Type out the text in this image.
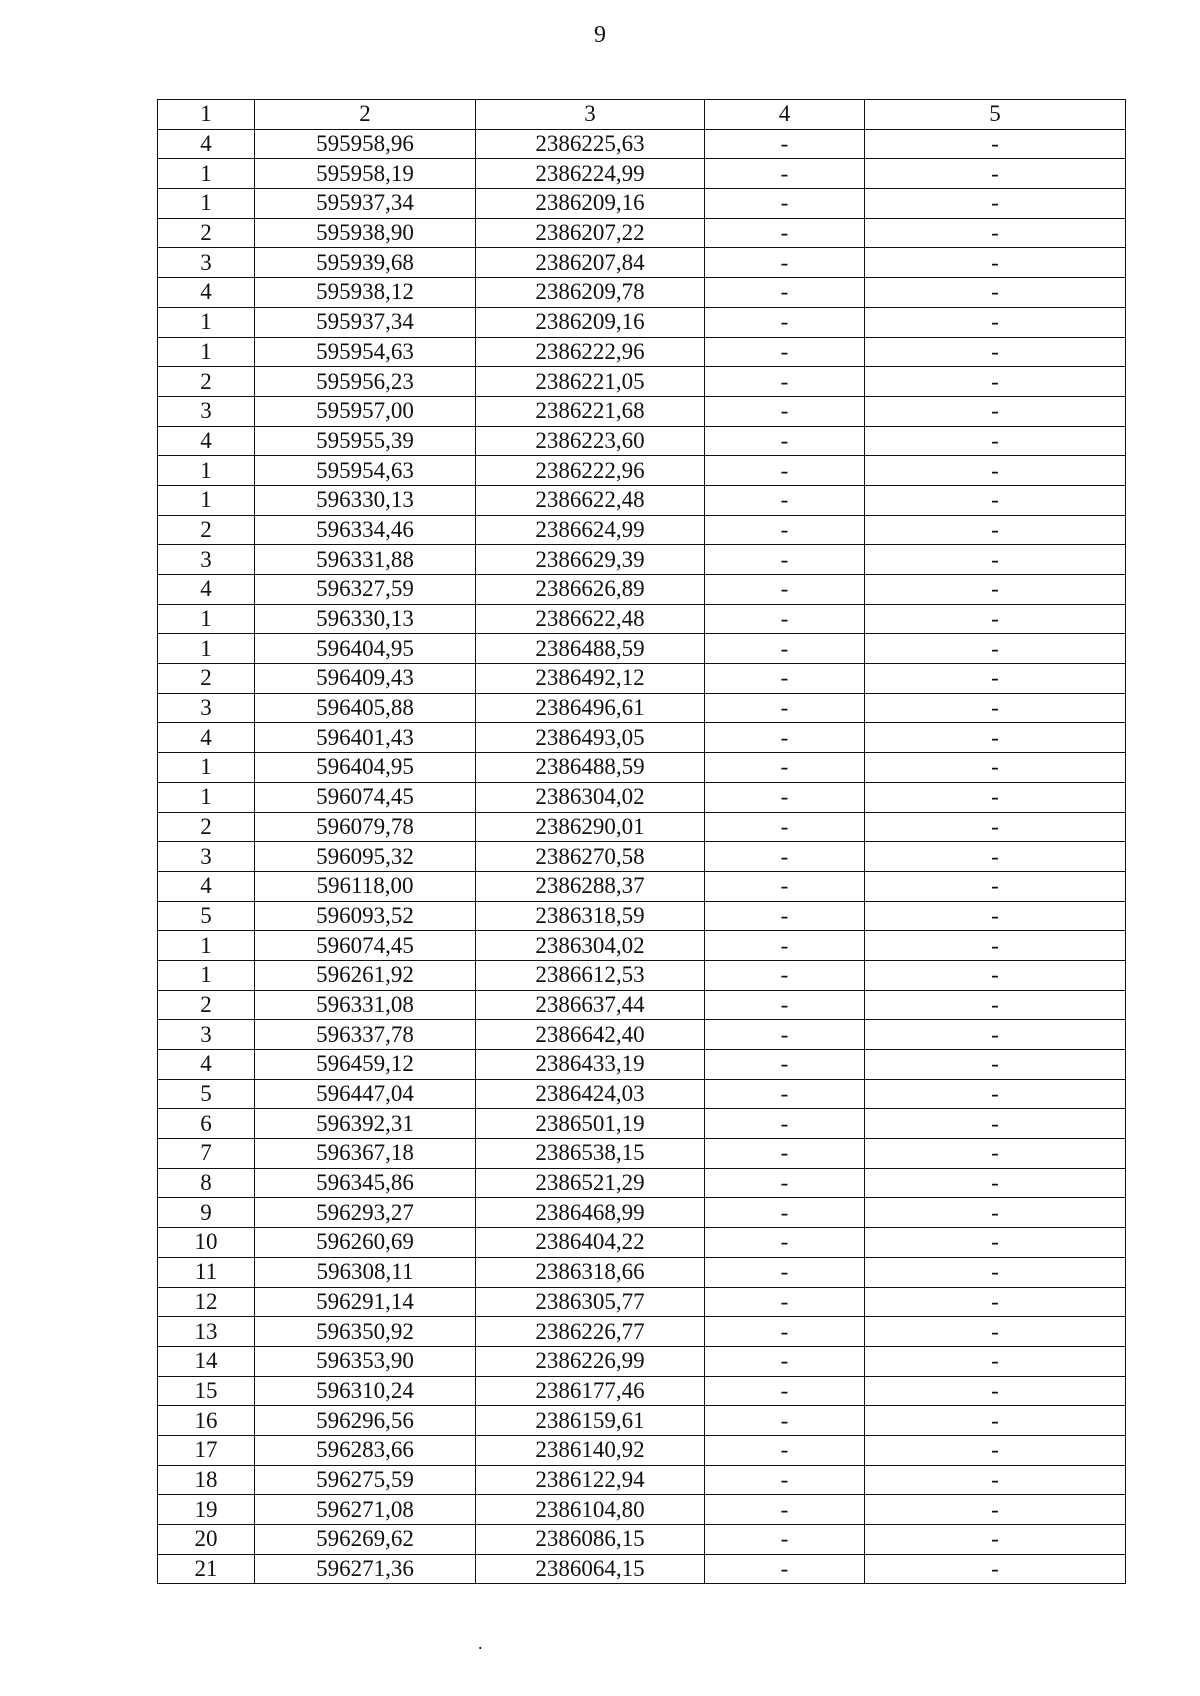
9
1	2	3	4	5
4	595958,96	2386225,63	-	-
1	595958,19	2386224,99	-	-
1	595937,34	2386209,16	-	-
2	595938,90	2386207,22	-	-
3	595939,68	2386207,84	-	-
4	595938,12	2386209,78	-	-
1	595937,34	2386209,16	-	-
1	595954,63	2386222,96	-	-
2	595956,23	2386221,05	-	-
3	595957,00	2386221,68	-	-
4	595955,39	2386223,60	-	-
1	595954,63	2386222,96	-	-
1	596330,13	2386622,48	-	-
2	596334,46	2386624,99	-	-
3	596331,88	2386629,39	-	-
4	596327,59	2386626,89	-	-
1	596330,13	2386622,48	-	-
1	596404,95	2386488,59	-	-
2	596409,43	2386492,12	-	-
3	596405,88	2386496,61	-	-
4	596401,43	2386493,05	-	-
1	596404,95	2386488,59	-	-
1	596074,45	2386304,02	-	-
2	596079,78	2386290,01	-	-
3	596095,32	2386270,58	-	-
4	596118,00	2386288,37	-	-
5	596093,52	2386318,59	-	-
1	596074,45	2386304,02	-	-
1	596261,92	2386612,53	-	-
2	596331,08	2386637,44	-	-
3	596337,78	2386642,40	-	-
4	596459,12	2386433,19	-	-
5	596447,04	2386424,03	-	-
6	596392,31	2386501,19	-	-
7	596367,18	2386538,15	-	-
8	596345,86	2386521,29	-	-
9	596293,27	2386468,99	-	-
10	596260,69	2386404,22	-	-
11	596308,11	2386318,66	-	-
12	596291,14	2386305,77	-	-
13	596350,92	2386226,77	-	-
14	596353,90	2386226,99	-	-
15	596310,24	2386177,46	-	-
16	596296,56	2386159,61	-	-
17	596283,66	2386140,92	-	-
18	596275,59	2386122,94	-	-
19	596271,08	2386104,80	-	-
20	596269,62	2386086,15	-	-
21	596271,36	2386064,15	-	-
.
